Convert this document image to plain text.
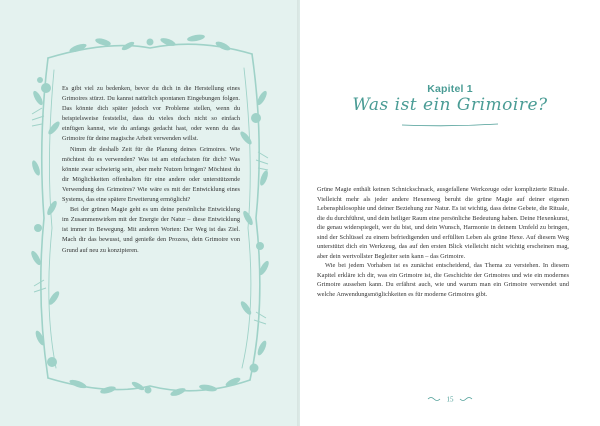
Es gibt viel zu bedenken, bevor du dich in die Herstellung eines Grimoires stürzt. Du kannst natürlich spontanen Eingebungen folgen. Das könnte dich später jedoch vor Probleme stellen, wenn du beispielsweise feststellst, dass du vieles doch nicht so einfach einfügen kannst, wie du anfangs gedacht hast, oder wenn du das Grimoire für deine magische Arbeit verwenden willst.

Nimm dir deshalb Zeit für die Planung deines Grimoires. Wie möchtest du es verwenden? Was ist am einfachsten für dich? Was könnte zwar schwierig sein, aber mehr Nutzen bringen? Möchtest du dir Möglichkeiten offenhalten für eine andere oder unterstützende Verwendung des Grimoires? Wie wäre es mit der Entwicklung eines Systems, das eine spätere Erweiterung ermöglicht?

Bei der grünen Magie geht es um deine persönliche Entwicklung im Zusammenwirken mit der Energie der Natur – diese Entwicklung ist immer in Bewegung. Mit anderen Worten: Der Weg ist das Ziel. Mach dir das bewusst, und genieße den Prozess, dein Grimoire von Grund auf neu zu konzipieren.

Kapitel 1
Was ist ein Grimoire?

Grüne Magie enthält keinen Schnickschnack, ausgefallene Werkzeuge oder komplizierte Rituale. Vielleicht mehr als jeder andere Hexenweg beruht die grüne Magie auf deiner eigenen Lebensphilosophie und deiner Beziehung zur Natur. Es ist wichtig, dass deine Gebete, die Rituale, die du durchführst, und dein heiliger Raum eine persönliche Bedeutung haben. Deine Hexenkunst, die genau widerspiegelt, wer du bist, und dein Wunsch, Harmonie in deinem Umfeld zu bringen, sind der Schlüssel zu einem befriedigenden und erfüllten Leben als grüne Hexe. Auf diesem Weg unterstützt dich ein Werkzeug, das auf den ersten Blick vielleicht nicht wichtig erscheinen mag, aber dein wertvollster Begleiter sein kann – das Grimoire.

Wie bei jedem Vorhaben ist es zunächst entscheidend, das Thema zu verstehen. In diesem Kapitel erkläre ich dir, was ein Grimoire ist, die Geschichte der Grimoires und wie ein modernes Grimoire aussehen kann. Du erfährst auch, wie und warum man ein Grimoire verwendet und welche Anwendungsmöglichkeiten es für moderne Grimoires gibt.

15
